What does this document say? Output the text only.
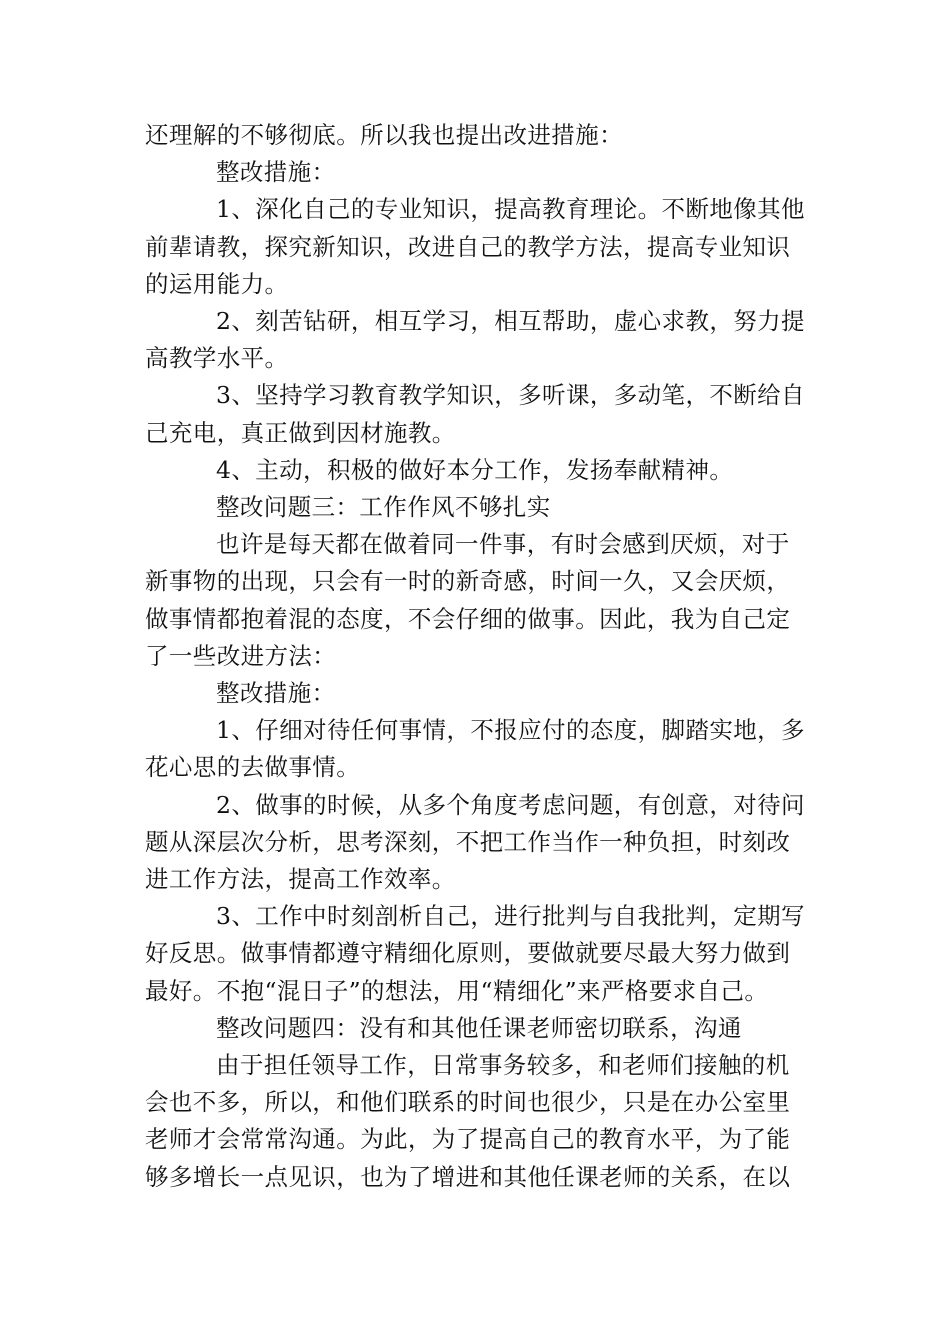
还理解的不够彻底。所以我也提出改进措施：

整改措施：

1、深化自己的专业知识，提高教育理论。不断地像其他

前辈请教，探究新知识，改进自己的教学方法，提高专业知识

的运用能力。

2、刻苦钻研，相互学习，相互帮助，虚心求教，努力提

高教学水平。

3、坚持学习教育教学知识，多听课，多动笔，不断给自

己充电，真正做到因材施教。

4、主动，积极的做好本分工作，发扬奉献精神。

整改问题三：工作作风不够扎实

也许是每天都在做着同一件事，有时会感到厌烦，对于

新事物的出现，只会有一时的新奇感，时间一久，又会厌烦，

做事情都抱着混的态度，不会仔细的做事。因此，我为自己定

了一些改进方法：

整改措施：

1、仔细对待任何事情，不报应付的态度，脚踏实地，多

花心思的去做事情。

2、做事的时候，从多个角度考虑问题，有创意，对待问

题从深层次分析，思考深刻，不把工作当作一种负担，时刻改

进工作方法，提高工作效率。

3、工作中时刻剖析自己，进行批判与自我批判，定期写

好反思。做事情都遵守精细化原则，要做就要尽最大努力做到

最好。不抱“混日子”的想法，用“精细化”来严格要求自己。

整改问题四：没有和其他任课老师密切联系，沟通

由于担任领导工作，日常事务较多，和老师们接触的机

会也不多，所以，和他们联系的时间也很少，只是在办公室里

老师才会常常沟通。为此，为了提高自己的教育水平，为了能

够多增长一点见识，也为了增进和其他任课老师的关系，在以
